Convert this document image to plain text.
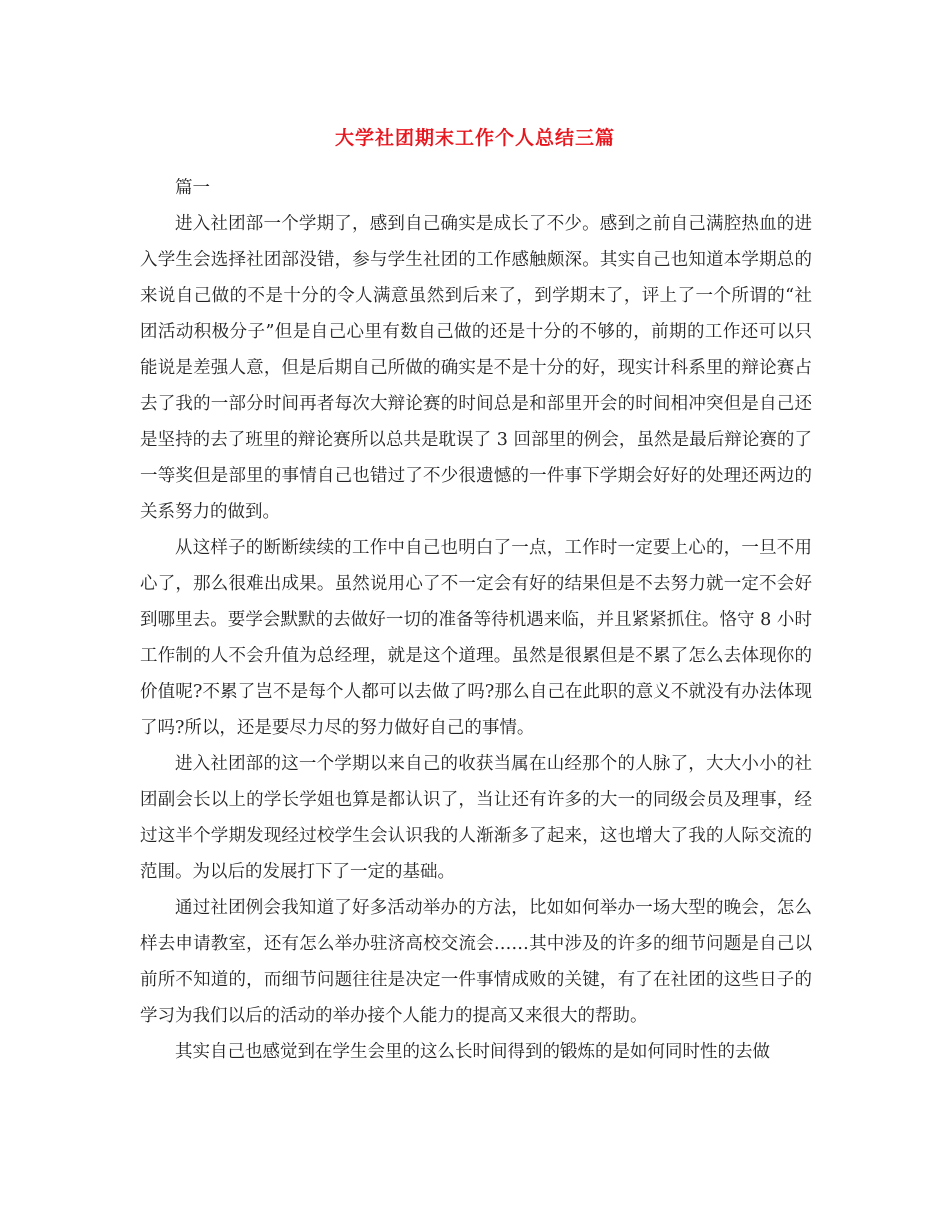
大学社团期末工作个人总结三篇

篇一

进入社团部一个学期了，感到自己确实是成长了不少。感到之前自己满腔热血的进入学生会选择社团部没错，参与学生社团的工作感触颇深。其实自己也知道本学期总的来说自己做的不是十分的令人满意虽然到后来了，到学期末了，评上了一个所谓的“社团活动积极分子”但是自己心里有数自己做的还是十分的不够的，前期的工作还可以只能说是差强人意，但是后期自己所做的确实是不是十分的好，现实计科系里的辩论赛占去了我的一部分时间再者每次大辩论赛的时间总是和部里开会的时间相冲突但是自己还是坚持的去了班里的辩论赛所以总共是耽误了 3 回部里的例会，虽然是最后辩论赛的了一等奖但是部里的事情自己也错过了不少很遗憾的一件事下学期会好好的处理还两边的关系努力的做到。

从这样子的断断续续的工作中自己也明白了一点，工作时一定要上心的，一旦不用心了，那么很难出成果。虽然说用心了不一定会有好的结果但是不去努力就一定不会好到哪里去。要学会默默的去做好一切的准备等待机遇来临，并且紧紧抓住。恪守 8 小时工作制的人不会升值为总经理，就是这个道理。虽然是很累但是不累了怎么去体现你的价值呢?不累了岂不是每个人都可以去做了吗?那么自己在此职的意义不就没有办法体现了吗?所以，还是要尽力尽的努力做好自己的事情。

进入社团部的这一个学期以来自己的收获当属在山经那个的人脉了，大大小小的社团副会长以上的学长学姐也算是都认识了，当让还有许多的大一的同级会员及理事，经过这半个学期发现经过校学生会认识我的人渐渐多了起来，这也增大了我的人际交流的范围。为以后的发展打下了一定的基础。

通过社团例会我知道了好多活动举办的方法，比如如何举办一场大型的晚会，怎么样去申请教室，还有怎么举办驻济高校交流会……其中涉及的许多的细节问题是自己以前所不知道的，而细节问题往往是决定一件事情成败的关键，有了在社团的这些日子的学习为我们以后的活动的举办接个人能力的提高又来很大的帮助。

其实自己也感觉到在学生会里的这么长时间得到的锻炼的是如何同时性的去做
